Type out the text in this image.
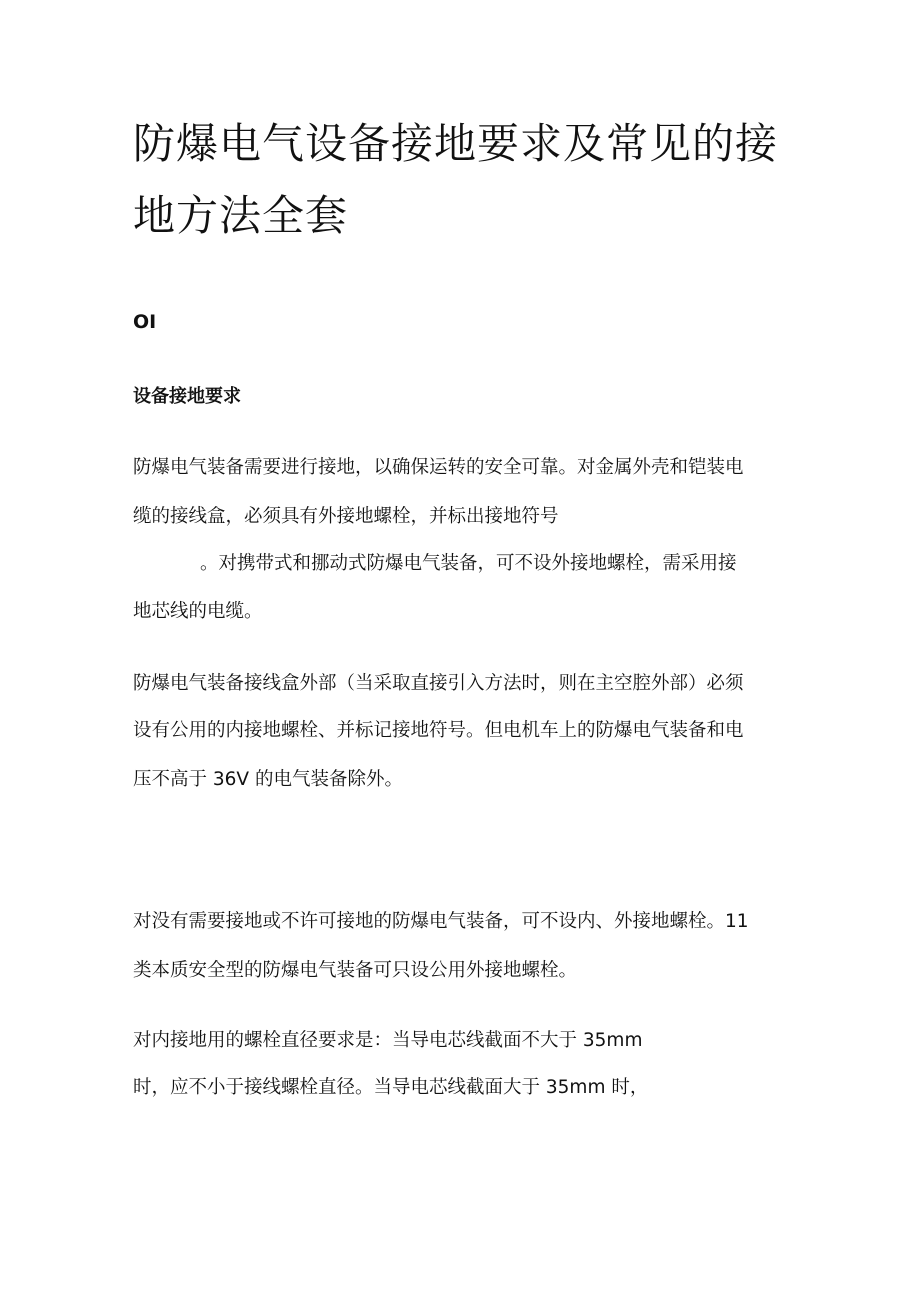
防爆电气设备接地要求及常见的接
地方法全套
OI
设备接地要求

防爆电气装备需要进行接地，以确保运转的安全可靠。对金属外壳和铠装电

缆的接线盒，必须具有外接地螺栓，并标出接地符号

。对携带式和挪动式防爆电气装备，可不设外接地螺栓，需采用接

地芯线的电缆。

防爆电气装备接线盒外部（当采取直接引入方法时，则在主空腔外部）必须

设有公用的内接地螺栓、并标记接地符号。但电机车上的防爆电气装备和电

压不高于 36V 的电气装备除外。

对没有需要接地或不许可接地的防爆电气装备，可不设内、外接地螺栓。11

类本质安全型的防爆电气装备可只设公用外接地螺栓。

对内接地用的螺栓直径要求是：当导电芯线截面不大于 35mm

时，应不小于接线螺栓直径。当导电芯线截面大于 35mm 时，
